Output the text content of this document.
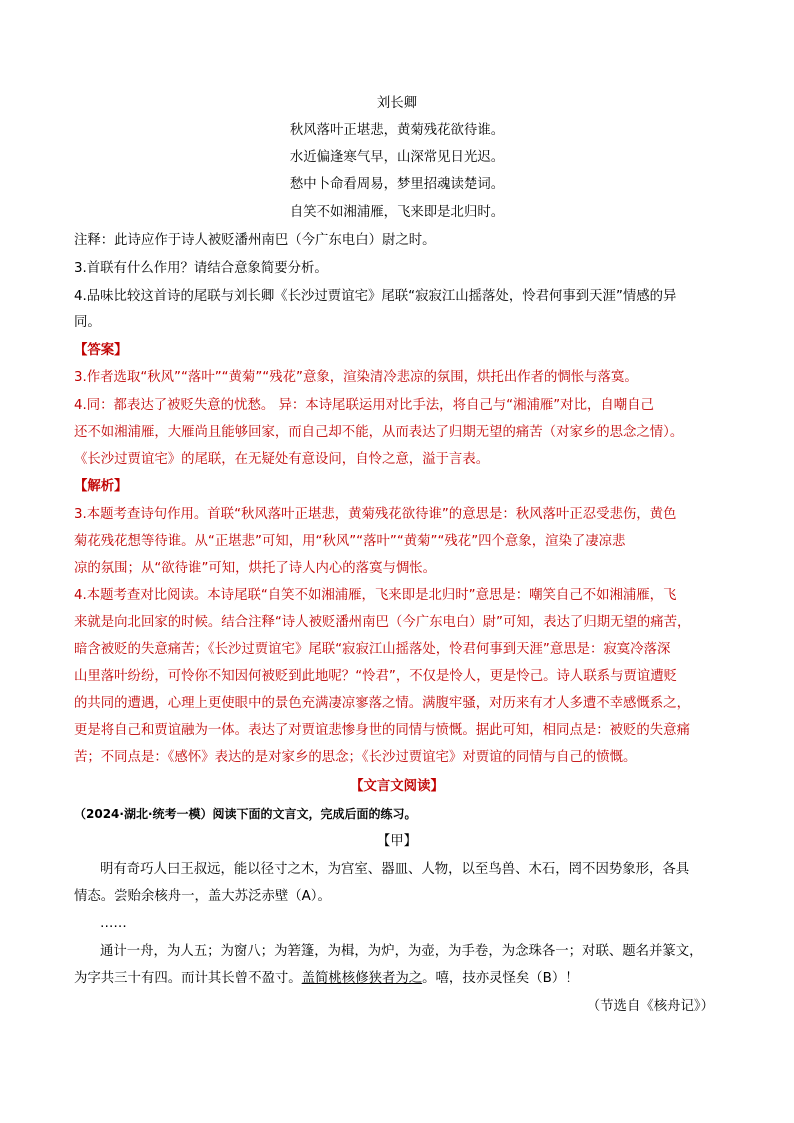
刘长卿
秋风落叶正堪悲，黄菊残花欲待谁。
水近偏逢寒气早，山深常见日光迟。
愁中卜命看周易，梦里招魂读楚词。
自笑不如湘浦雁，飞来即是北归时。
注释：此诗应作于诗人被贬潘州南巴（今广东电白）尉之时。
3.首联有什么作用？请结合意象简要分析。
4.品味比较这首诗的尾联与刘长卿《长沙过贾谊宅》尾联“寂寂江山摇落处，怜君何事到天涯”情感的异
同。
【答案】
3.作者选取“秋风”“落叶”“黄菊”“残花”意象，渲染清冷悲凉的氛围，烘托出作者的惆怅与落寞。
4.同：都表达了被贬失意的忧愁。 异：本诗尾联运用对比手法，将自己与“湘浦雁”对比，自嘲自己
还不如湘浦雁，大雁尚且能够回家，而自己却不能，从而表达了归期无望的痛苦（对家乡的思念之情）。
《长沙过贾谊宅》的尾联，在无疑处有意设问，自怜之意，溢于言表。
【解析】
3.本题考查诗句作用。首联“秋风落叶正堪悲，黄菊残花欲待谁”的意思是：秋风落叶正忍受悲伤，黄色
菊花残花想等待谁。从“正堪悲”可知，用“秋风”“落叶”“黄菊”“残花”四个意象，渲染了凄凉悲
凉的氛围；从“欲待谁”可知，烘托了诗人内心的落寞与惆怅。
4.本题考查对比阅读。本诗尾联“自笑不如湘浦雁，飞来即是北归时”意思是：嘲笑自己不如湘浦雁，飞
来就是向北回家的时候。结合注释“诗人被贬潘州南巴（今广东电白）尉”可知，表达了归期无望的痛苦，
暗含被贬的失意痛苦；《长沙过贾谊宅》尾联“寂寂江山摇落处，怜君何事到天涯”意思是：寂寞冷落深
山里落叶纷纷，可怜你不知因何被贬到此地呢？“怜君”，不仅是怜人，更是怜己。诗人联系与贾谊遭贬
的共同的遭遇，心理上更使眼中的景色充满凄凉寥落之情。满腹牢骚，对历来有才人多遭不幸感慨系之，
更是将自己和贾谊融为一体。表达了对贾谊悲惨身世的同情与愤慨。据此可知，相同点是：被贬的失意痛
苦；不同点是：《感怀》表达的是对家乡的思念；《长沙过贾谊宅》对贾谊的同情与自己的愤慨。
【文言文阅读】
（2024·湖北·统考一模）阅读下面的文言文，完成后面的练习。
【甲】
明有奇巧人曰王叔远，能以径寸之木，为宫室、器皿、人物，以至鸟兽、木石，罔不因势象形，各具
情态。尝贻余核舟一，盖大苏泛赤壁（A）。
……
通计一舟，为人五；为窗八；为箬篷，为楫，为炉，为壶，为手卷，为念珠各一；对联、题名并篆文，
为字共三十有四。而计其长曾不盈寸。盖简桃核修狭者为之。嘻，技亦灵怪矣（B）！
（节选自《核舟记》）
